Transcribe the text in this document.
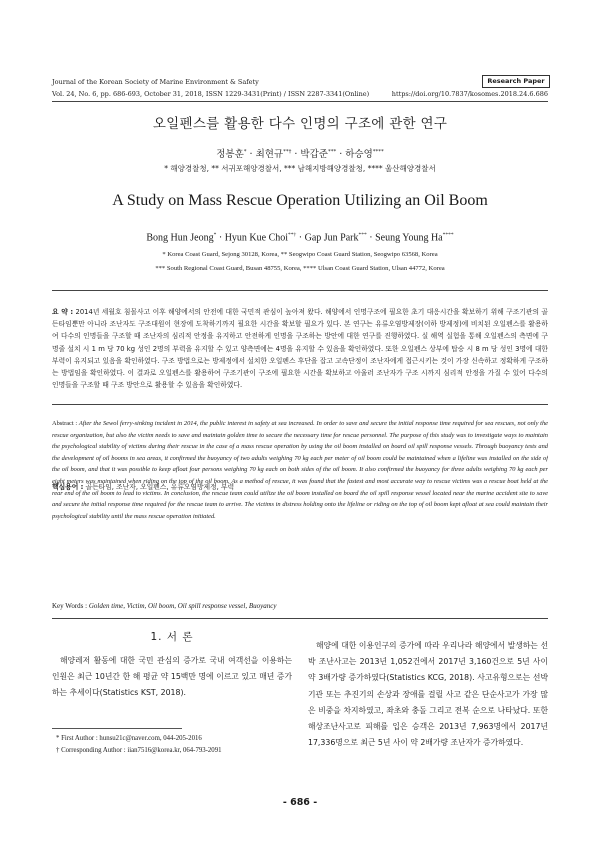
Journal of the Korean Society of Marine Environment & Safety	Research Paper
Vol. 24, No. 6, pp. 686-693, October 31, 2018, ISSN 1229-3431(Print) / ISSN 2287-3341(Online)	https://doi.org/10.7837/kosomes.2018.24.6.686
오일펜스를 활용한 다수 인명의 구조에 관한 연구
정봉훈* · 최현규**† · 박갑준*** · 하승영****
* 해양경찰청, ** 서귀포해양경찰서, *** 남해지방해양경찰청, **** 울산해양경찰서
A Study on Mass Rescue Operation Utilizing an Oil Boom
Bong Hun Jeong* · Hyun Kue Choi**† · Gap Jun Park*** · Seung Young Ha****
* Korea Coast Guard, Sejong 30128, Korea, ** Seogwipo Coast Guard Station, Seogwipo 63568, Korea
*** South Regional Coast Guard, Busan 48755, Korea, **** Ulsan Coast Guard Station, Ulsan 44772, Korea
요 약 : 2014년 세월호 침몰사고 이후 해양에서의 안전에 대한 국민적 관심이 높아져 왔다. 해양에서 인명구조에 필요한 초기 대응시간을 확보하기 위해 구조기관의 골든타임뿐만 아니라 조난자도 구조대원이 현장에 도착하기까지 필요한 시간을 확보할 필요가 있다. 본 연구는 유류오염방제장(이하 방제정)에 비치된 오일펜스를 활용하여 다수의 인명들을 구조할 때 조난자의 심리적 안정을 유지하고 안전하게 인명을 구조하는 방안에 대한 연구를 진행하였다. 실 해역 실험을 통해 오일펜스의 측면에 구명줄 설치 시 1 m 당 70 kg 성인 2명의 부력을 유지할 수 있고 양측면에는 4명을 유지할 수 있음을 확인하였다. 또한 오일펜스 상부에 탑승 시 8 m 당 성인 3명에 대한 부력이 유지되고 있음을 확인하였다. 구조 방법으로는 방제정에서 설치한 오일펜스 후단을 잡고 고속단정이 조난자에게 접근시키는 것이 가장 신속하고 정확하게 구조하는 방법임을 확인하였다. 이 결과로 오일펜스를 활용하여 구조기관이 구조에 필요한 시간을 확보하고 아울러 조난자가 구조 시까지 심리적 안정을 가질 수 있어 다수의 인명들을 구조할 때 구조 방안으로 활용할 수 있음을 확인하였다.
핵심용어 : 골든타임, 조난자, 오일펜스, 유류오염방제정, 부력
Abstract : After the Sewol ferry-sinking incident in 2014, the public interest in safety at sea increased. In order to save and secure the initial response time required for sea rescues, not only the rescue organization, but also the victim needs to save and maintain golden time to secure the necessary time for rescue personnel. The purpose of this study was to investigate ways to maintain the psychological stability of victims during their rescue in the case of a mass rescue operation by using the oil boom installed on board oil spill response vessels. Through buoyancy tests and the development of oil booms in sea areas, it confirmed the buoyancy of two adults weighing 70 kg each per meter of oil boom could be maintained when a lifeline was installed on the side of the oil boom, and that it was possible to keep afloat four persons weighing 70 kg each on both sides of the oil boom. It also confirmed the buoyancy for three adults weighing 70 kg each per eight meters was maintained when riding on the top of the oil boom. As a method of rescue, it was found that the fastest and most accurate way to rescue victims was a rescue boat held at the rear end of the oil boom to lead to victims. In conclusion, the rescue team could utilize the oil boom installed on board the oil spill response vessel located near the marine accident site to save and secure the initial response time required for the rescue team to arrive. The victims in distress holding onto the lifeline or riding on the top of oil boom kept afloat at sea could maintain their psychological stability until the mass rescue operation initiated.
Key Words : Golden time, Victim, Oil boom, Oil spill response vessel, Buoyancy
1. 서 론
해양레저 활동에 대한 국민 관심의 증가로 국내 여객선을 이용하는 인원은 최근 10년간 한 해 평균 약 15백만 명에 이르고 있고 매년 증가하는 추세이다(Statistics KST, 2018).
해양에 대한 이용인구의 증가에 따라 우리나라 해양에서 발생하는 선박 조난사고는 2013년 1,052건에서 2017년 3,160건으로 5년 사이 약 3배가량 증가하였다(Statistics KCG, 2018). 사고유형으로는 선박기관 또는 추진기의 손상과 장애를 걸릴 사고 같은 단순사고가 가장 많은 비중을 차지하였고, 좌초와 충돌 그리고 전복 순으로 나타났다. 또한 해상조난사고로 피해를 입은 승객은 2013년 7,963명에서 2017년 17,336명으로 최근 5년 사이 약 2배가량 조난자가 증가하였다.
* First Author : hunsu21c@naver.com, 044-205-2016
† Corresponding Author : iian7516@korea.kr, 064-793-2091
- 686 -
